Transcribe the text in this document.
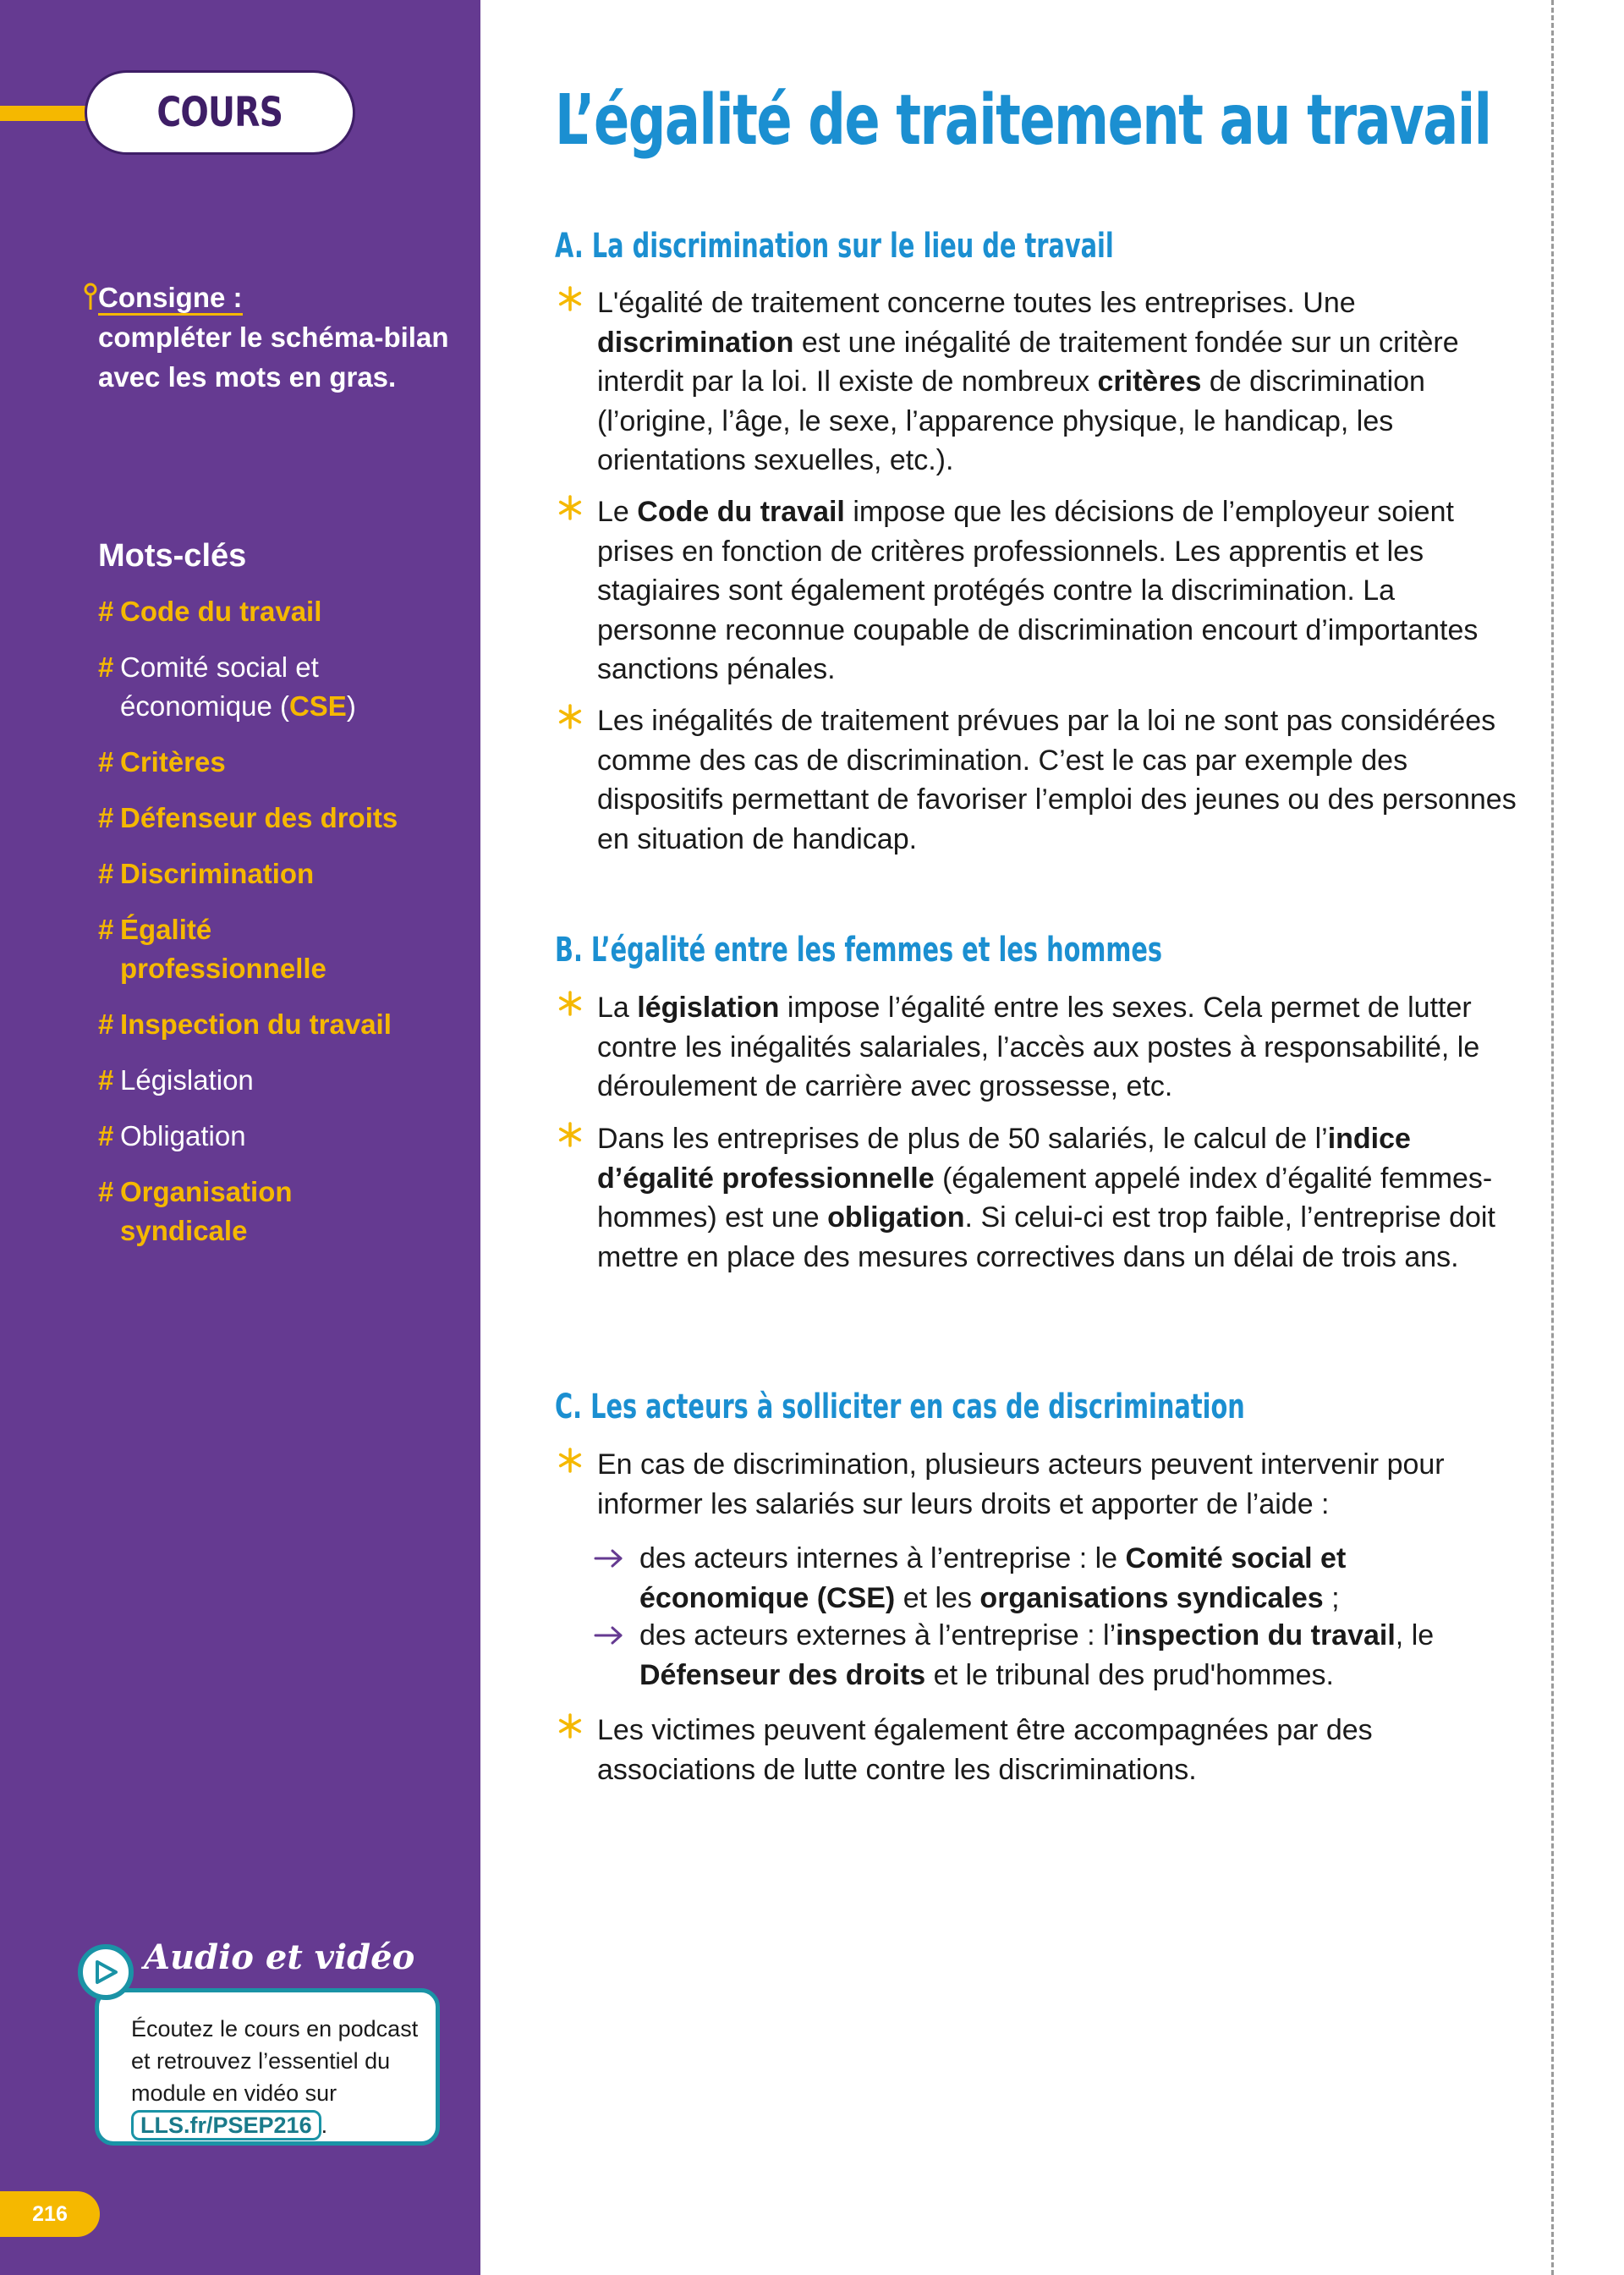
COURS
Consigne :
compléter le schéma-bilan avec les mots en gras.
Mots-clés
# Code du travail
# Comité social et économique (CSE)
# Critères
# Défenseur des droits
# Discrimination
# Égalité professionnelle
# Inspection du travail
# Législation
# Obligation
# Organisation syndicale
Audio et vidéo
Écoutez le cours en podcast et retrouvez l’essentiel du module en vidéo sur LLS.fr/PSEP216 .
216
L’égalité de traitement au travail
A. La discrimination sur le lieu de travail
L'égalité de traitement concerne toutes les entreprises. Une discrimination est une inégalité de traitement fondée sur un critère interdit par la loi. Il existe de nombreux critères de discrimination (l’origine, l’âge, le sexe, l’apparence physique, le handicap, les orientations sexuelles, etc.).
Le Code du travail impose que les décisions de l’employeur soient prises en fonction de critères professionnels. Les apprentis et les stagiaires sont également protégés contre la discrimination. La personne reconnue coupable de discrimination encourt d’importantes sanctions pénales.
Les inégalités de traitement prévues par la loi ne sont pas considérées comme des cas de discrimination. C’est le cas par exemple des dispositifs permettant de favoriser l’emploi des jeunes ou des personnes en situation de handicap.
B. L’égalité entre les femmes et les hommes
La législation impose l’égalité entre les sexes. Cela permet de lutter contre les inégalités salariales, l’accès aux postes à responsabilité, le déroulement de carrière avec grossesse, etc.
Dans les entreprises de plus de 50 salariés, le calcul de l’indice d’égalité professionnelle (également appelé index d’égalité femmes-hommes) est une obligation. Si celui-ci est trop faible, l’entreprise doit mettre en place des mesures correctives dans un délai de trois ans.
C. Les acteurs à solliciter en cas de discrimination
En cas de discrimination, plusieurs acteurs peuvent intervenir pour informer les salariés sur leurs droits et apporter de l’aide :
des acteurs internes à l’entreprise : le Comité social et économique (CSE) et les organisations syndicales ;
des acteurs externes à l’entreprise : l’inspection du travail, le Défenseur des droits et le tribunal des prud'hommes.
Les victimes peuvent également être accompagnées par des associations de lutte contre les discriminations.
